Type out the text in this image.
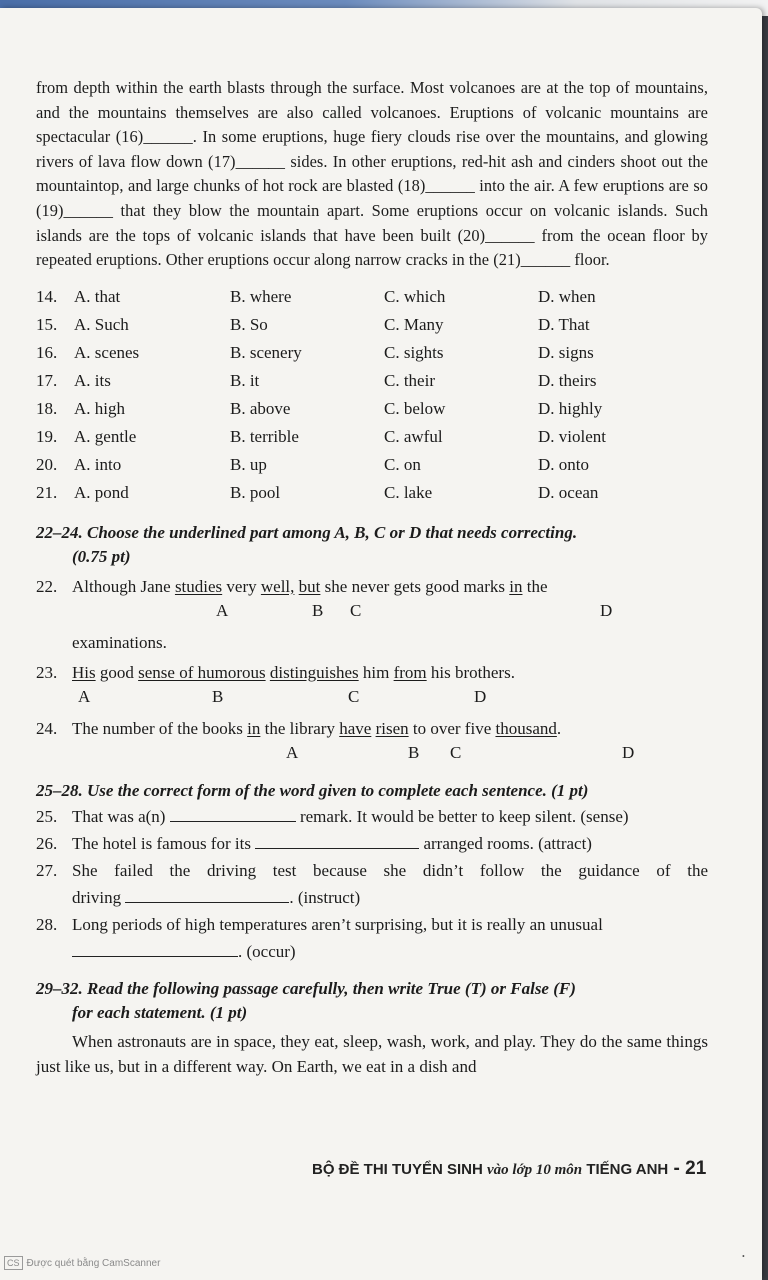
from depth within the earth blasts through the surface. Most volcanoes are at the top of mountains, and the mountains themselves are also called volcanoes. Eruptions of volcanic mountains are spectacular (16)______. In some eruptions, huge fiery clouds rise over the mountains, and glowing rivers of lava flow down (17)______ sides. In other eruptions, red-hit ash and cinders shoot out the mountaintop, and large chunks of hot rock are blasted (18)______ into the air. A few eruptions are so (19)______ that they blow the mountain apart. Some eruptions occur on volcanic islands. Such islands are the tops of volcanic islands that have been built (20)______ from the ocean floor by repeated eruptions. Other eruptions occur along narrow cracks in the (21)______ floor.

14. A. that	B. where	C. which	D. when
15. A. Such	B. So	C. Many	D. That
16. A. scenes	B. scenery	C. sights	D. signs
17. A. its	B. it	C. their	D. theirs
18. A. high	B. above	C. below	D. highly
19. A. gentle	B. terrible	C. awful	D. violent
20. A. into	B. up	C. on	D. onto
21. A. pond	B. pool	C. lake	D. ocean
22–24. Choose the underlined part among A, B, C or D that needs correcting.
(0.75 pt)
22. Although Jane studies very well, but she never gets good marks in the
A	B C	D
examinations.
23. His good sense of humorous distinguishes him from his brothers.
A	B	C	D
24. The number of the books in the library have risen to over five thousand.
A	B C	D
25–28. Use the correct form of the word given to complete each sentence. (1 pt)
25. That was a(n)	remark. It would be better to keep silent. (sense)
26. The hotel is famous for its	arranged rooms. (attract)
27. She failed the driving test because she didn’t follow the guidance of the
driving	. (instruct)
28. Long periods of high temperatures aren’t surprising, but it is really an unusual
. (occur)
29–32. Read the following passage carefully, then write True (T) or False (F)
for each statement. (1 pt)

When astronauts are in space, they eat, sleep, wash, work, and play. They do the same things just like us, but in a different way. On Earth, we eat in a dish and

BỘ ĐỀ THI TUYỂN SINH vào lớp 10 môn TIẾNG ANH - 21
•
CS Được quét bằng CamScanner
